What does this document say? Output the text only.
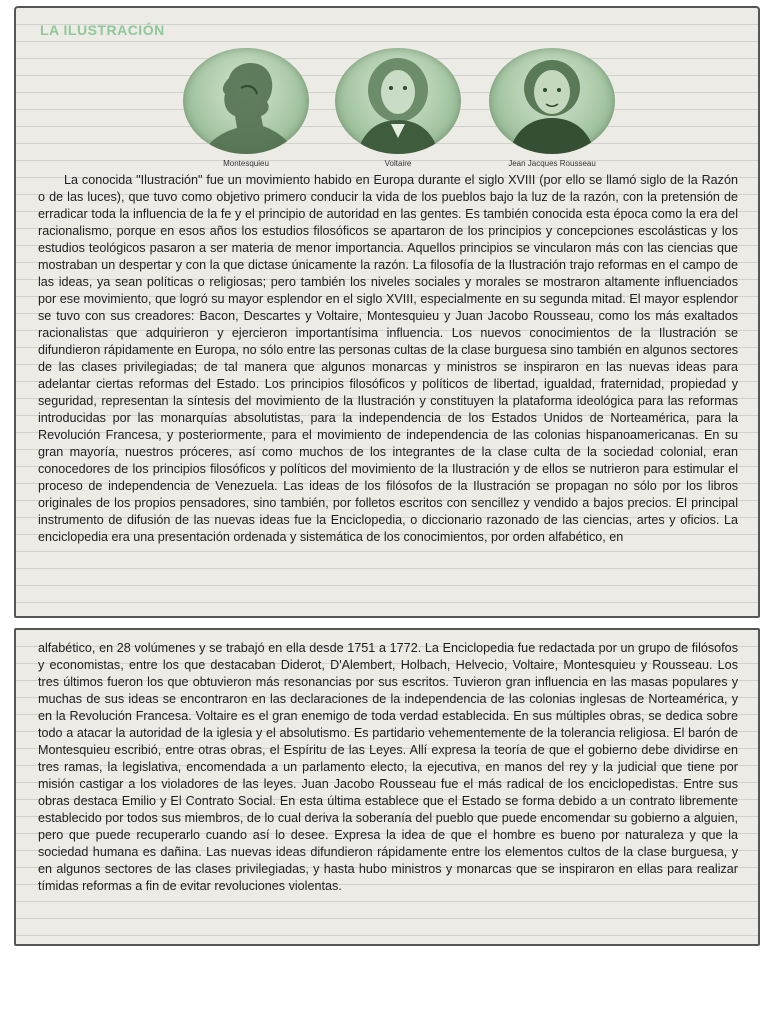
LA ILUSTRACIÓN
Montesquieu	Voltaire	Jean Jacques Rousseau

La conocida "Ilustración" fue un movimiento habido en Europa durante el siglo XVIII (por ello se llamó siglo de la Razón o de las luces), que tuvo como objetivo primero conducir la vida de los pueblos bajo la luz de la razón, con la pretensión de erradicar toda la influencia de la fe y el principio de autoridad en las gentes. Es también conocida esta época como la era del racionalismo, porque en esos años los estudios filosóficos se apartaron de los principios y concepciones escolásticas y los estudios teológicos pasaron a ser materia de menor importancia. Aquellos principios se vincularon más con las ciencias que mostraban un despertar y con la que dictase únicamente la razón. La filosofía de la Ilustración trajo reformas en el campo de las ideas, ya sean políticas o religiosas; pero también los niveles sociales y morales se mostraron altamente influenciados por ese movimiento, que logró su mayor esplendor en el siglo XVIII, especialmente en su segunda mitad. El mayor esplendor se tuvo con sus creadores: Bacon, Descartes y Voltaire, Montesquieu y Juan Jacobo Rousseau, como los más exaltados racionalistas que adquirieron y ejercieron importantísima influencia. Los nuevos conocimientos de la Ilustración se difundieron rápidamente en Europa, no sólo entre las personas cultas de la clase burguesa sino también en algunos sectores de las clases privilegiadas; de tal manera que algunos monarcas y ministros se inspiraron en las nuevas ideas para adelantar ciertas reformas del Estado. Los principios filosóficos y políticos de libertad, igualdad, fraternidad, propiedad y seguridad, representan la síntesis del movimiento de la Ilustración y constituyen la plataforma ideológica para las reformas introducidas por las monarquías absolutistas, para la independencia de los Estados Unidos de Norteamérica, para la Revolución Francesa, y posteriormente, para el movimiento de independencia de las colonias hispanoamericanas. En su gran mayoría, nuestros próceres, así como muchos de los integrantes de la clase culta de la sociedad colonial, eran conocedores de los principios filosóficos y políticos del movimiento de la Ilustración y de ellos se nutrieron para estimular el proceso de independencia de Venezuela. Las ideas de los filósofos de la Ilustración se propagan no sólo por los libros originales de los propios pensadores, sino también, por folletos escritos con sencillez y vendido a bajos precios. El principal instrumento de difusión de las nuevas ideas fue la Enciclopedia, o diccionario razonado de las ciencias, artes y oficios. La enciclopedia era una presentación ordenada y sistemática de los conocimientos, por orden alfabético, en

alfabético, en 28 volúmenes y se trabajó en ella desde 1751 a 1772. La Enciclopedia fue redactada por un grupo de filósofos y economistas, entre los que destacaban Diderot, D'Alembert, Holbach, Helvecio, Voltaire, Montesquieu y Rousseau. Los tres últimos fueron los que obtuvieron más resonancias por sus escritos. Tuvieron gran influencia en las masas populares y muchas de sus ideas se encontraron en las declaraciones de la independencia de las colonias inglesas de Norteamérica, y en la Revolución Francesa. Voltaire es el gran enemigo de toda verdad establecida. En sus múltiples obras, se dedica sobre todo a atacar la autoridad de la iglesia y el absolutismo. Es partidario vehementemente de la tolerancia religiosa. El barón de Montesquieu escribió, entre otras obras, el Espíritu de las Leyes. Allí expresa la teoría de que el gobierno debe dividirse en tres ramas, la legislativa, encomendada a un parlamento electo, la ejecutiva, en manos del rey y la judicial que tiene por misión castigar a los violadores de las leyes. Juan Jacobo Rousseau fue el más radical de los enciclopedistas. Entre sus obras destaca Emilio y El Contrato Social. En esta última establece que el Estado se forma debido a un contrato libremente establecido por todos sus miembros, de lo cual deriva la soberanía del pueblo que puede encomendar su gobierno a alguien, pero que puede recuperarlo cuando así lo desee. Expresa la idea de que el hombre es bueno por naturaleza y que la sociedad humana es dañina. Las nuevas ideas difundieron rápidamente entre los elementos cultos de la clase burguesa, y en algunos sectores de las clases privilegiadas, y hasta hubo ministros y monarcas que se inspiraron en ellas para realizar tímidas reformas a fin de evitar revoluciones violentas.
